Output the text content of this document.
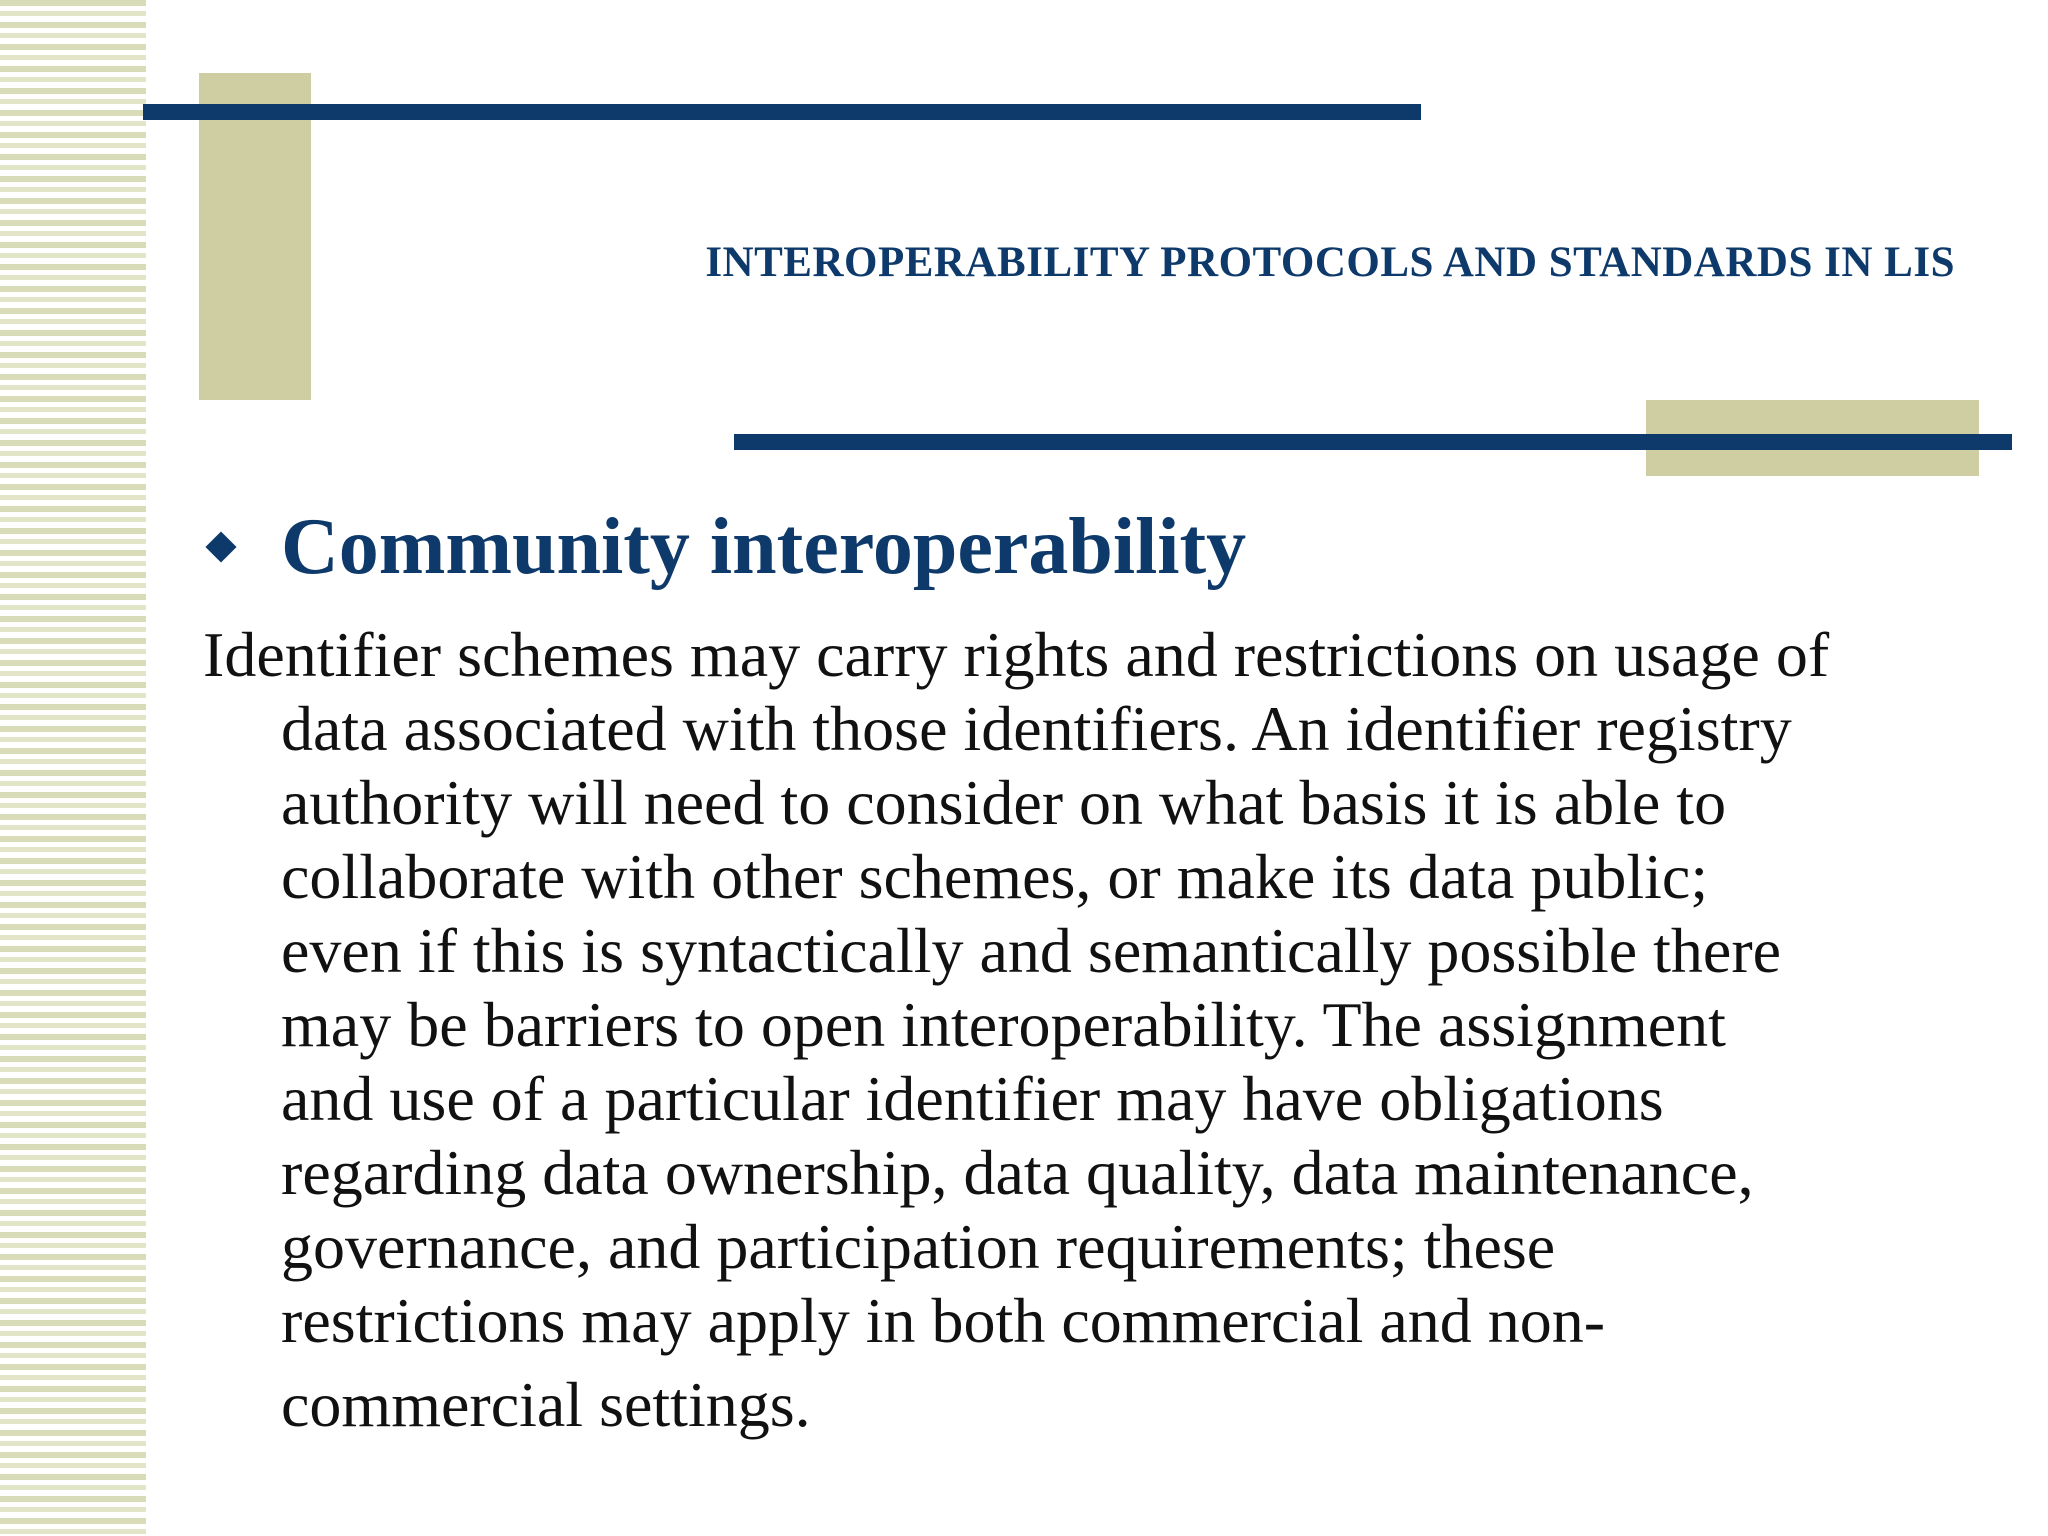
INTEROPERABILITY PROTOCOLS AND STANDARDS IN LIS
Community interoperability

Identifier schemes may carry rights and restrictions on usage of
data associated with those identifiers. An identifier registry
authority will need to consider on what basis it is able to
collaborate with other schemes, or make its data public;
even if this is syntactically and semantically possible there
may be barriers to open interoperability. The assignment
and use of a particular identifier may have obligations
regarding data ownership, data quality, data maintenance,
governance, and participation requirements; these
restrictions may apply in both commercial and non-
commercial settings.
